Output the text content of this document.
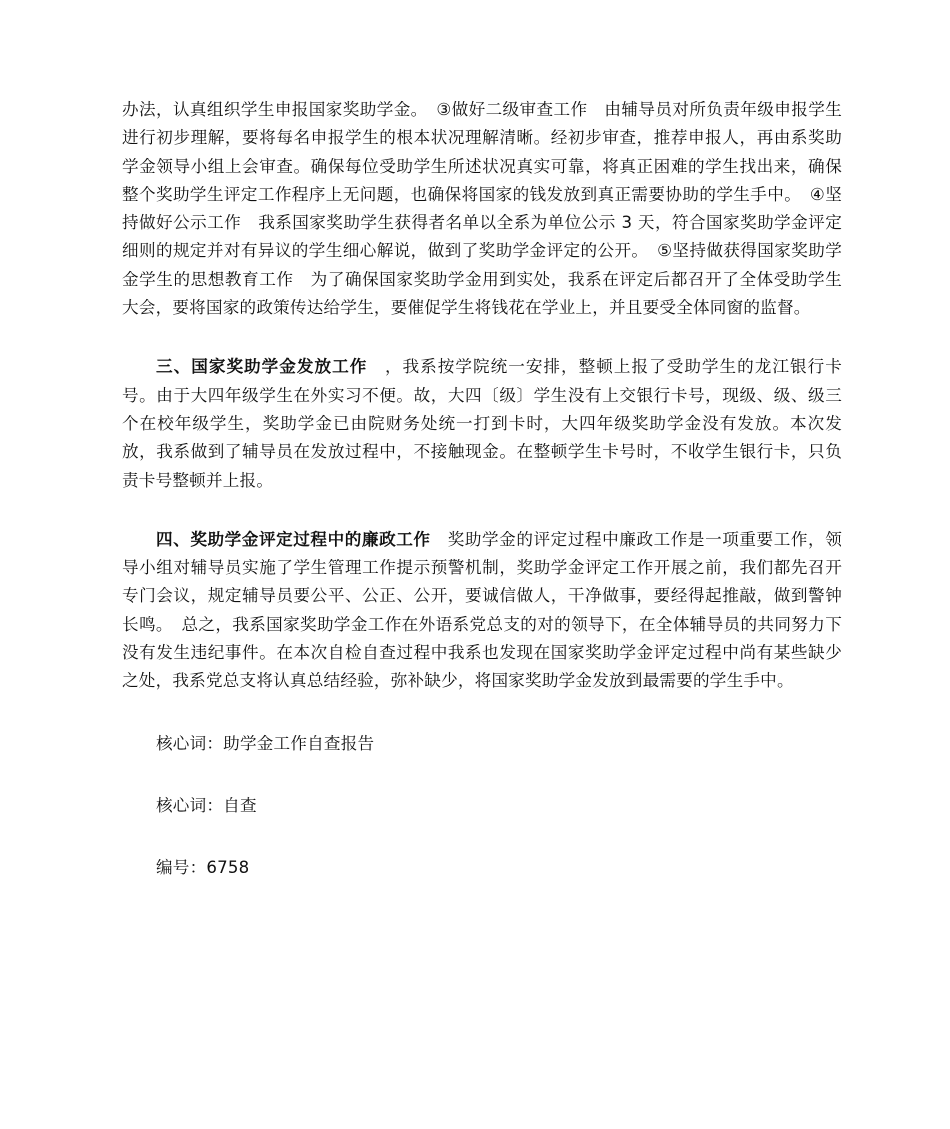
办法，认真组织学生申报国家奖助学金。　③做好二级审查工作　由辅导员对所负责年级申报学生进行初步理解，要将每名申报学生的根本状况理解清晰。经初步审查，推荐申报人，再由系奖助学金领导小组上会审查。确保每位受助学生所述状况真实可靠，将真正困难的学生找出来，确保整个奖助学生评定工作程序上无问题，也确保将国家的钱发放到真正需要协助的学生手中。　④坚持做好公示工作　我系国家奖助学生获得者名单以全系为单位公示 3 天，符合国家奖助学金评定细则的规定并对有异议的学生细心解说，做到了奖助学金评定的公开。　⑤坚持做获得国家奖助学金学生的思想教育工作　为了确保国家奖助学金用到实处，我系在评定后都召开了全体受助学生大会，要将国家的政策传达给学生，要催促学生将钱花在学业上，并且要受全体同窗的监督。

三、国家奖助学金发放工作　，我系按学院统一安排，整顿上报了受助学生的龙江银行卡号。由于大四年级学生在外实习不便。故，大四〔级〕学生没有上交银行卡号，现级、级、级三个在校年级学生，奖助学金已由院财务处统一打到卡时，大四年级奖助学金没有发放。本次发放，我系做到了辅导员在发放过程中，不接触现金。在整顿学生卡号时，不收学生银行卡，只负责卡号整顿并上报。

四、奖助学金评定过程中的廉政工作　奖助学金的评定过程中廉政工作是一项重要工作，领导小组对辅导员实施了学生管理工作提示预警机制，奖助学金评定工作开展之前，我们都先召开专门会议，规定辅导员要公平、公正、公开，要诚信做人，干净做事，要经得起推敲，做到警钟长鸣。　总之，我系国家奖助学金工作在外语系党总支的对的领导下，在全体辅导员的共同努力下没有发生违纪事件。在本次自检自查过程中我系也发现在国家奖助学金评定过程中尚有某些缺少之处，我系党总支将认真总结经验，弥补缺少，将国家奖助学金发放到最需要的学生手中。

核心词：助学金工作自查报告

核心词：自查

编号：6758
